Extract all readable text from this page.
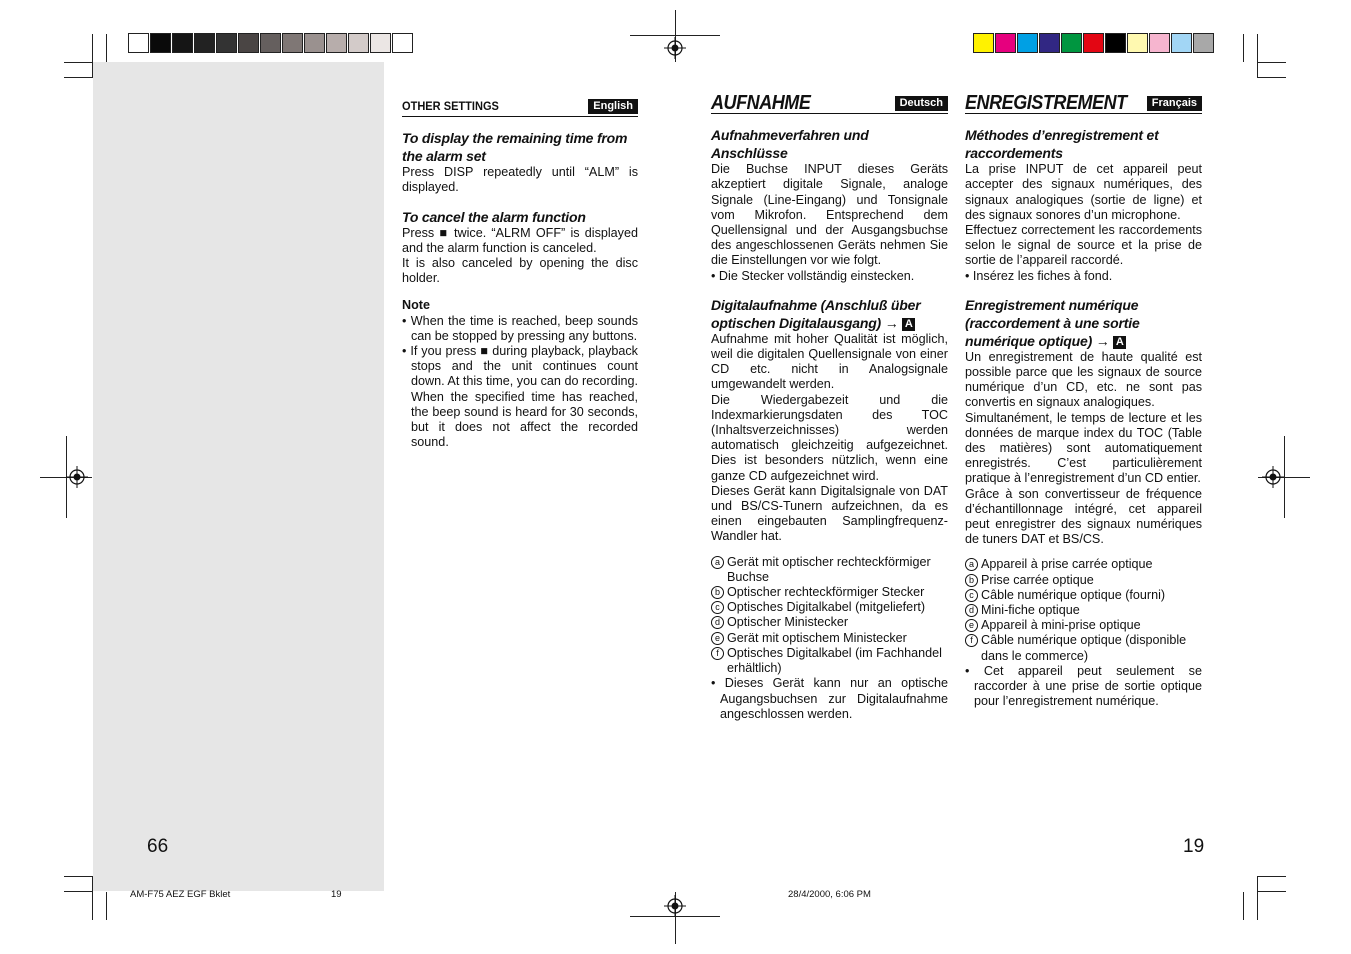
OTHER SETTINGS	English
To display the remaining time from the alarm set

Press DISP repeatedly until “ALM” is displayed.

To cancel the alarm function

Press ■ twice. “ALRM OFF” is displayed and the alarm function is canceled.

It is also canceled by opening the disc holder.

Note
• When the time is reached, beep sounds can be stopped by pressing any buttons.
• If you press ■ during playback, playback stops and the unit continues count down. At this time, you can do recording. When the specified time has reached, the beep sound is heard for 30 seconds, but it does not affect the recorded sound.
66
AUFNAHME	Deutsch
Aufnahmeverfahren und Anschlüsse

Die Buchse INPUT dieses Geräts akzeptiert digitale Signale, analoge Signale (Line-Eingang) und Tonsignale vom Mikrofon. Entsprechend dem Quellensignal und der Ausgangsbuchse des angeschlossenen Geräts nehmen Sie die Einstellungen vor wie folgt.

• Die Stecker vollständig einstecken.
Digitalaufnahme (Anschluß über optischen Digitalausgang) → A

Aufnahme mit hoher Qualität ist möglich, weil die digitalen Quellensignale von einer CD etc. nicht in Analogsignale umgewandelt werden.

Die Wiedergabezeit und die Indexmarkierungsdaten des TOC (Inhaltsverzeichnisses) werden automatisch gleichzeitig aufgezeichnet. Dies ist besonders nützlich, wenn eine ganze CD aufgezeichnet wird.

Dieses Gerät kann Digitalsignale von DAT und BS/CS-Tunern aufzeichnen, da es einen eingebauten Samplingfrequenz-Wandler hat.

a Gerät mit optischer rechteckförmiger Buchse
b Optischer rechteckförmiger Stecker
c Optisches Digitalkabel (mitgeliefert)
d Optischer Ministecker
e Gerät mit optischem Ministecker
f Optisches Digitalkabel (im Fachhandel erhältlich)
• Dieses Gerät kann nur an optische Augangsbuchsen zur Digitalaufnahme angeschlossen werden.
ENREGISTREMENT	Français
Méthodes d’enregistrement et raccordements

La prise INPUT de cet appareil peut accepter des signaux numériques, des signaux analogiques (sortie de ligne) et des signaux sonores d’un microphone.

Effectuez correctement les raccordements selon le signal de source et la prise de sortie de l’appareil raccordé.

• Insérez les fiches à fond.
Enregistrement numérique (raccordement à une sortie numérique optique) → A

Un enregistrement de haute qualité est possible parce que les signaux de source numérique d’un CD, etc. ne sont pas convertis en signaux analogiques.

Simultanément, le temps de lecture et les données de marque index du TOC (Table des matières) sont automatiquement enregistrés. C’est particulièrement pratique à l’enregistrement d’un CD entier.

Grâce à son convertisseur de fréquence d’échantillonnage intégré, cet appareil peut enregistrer des signaux numériques de tuners DAT et BS/CS.

a Appareil à prise carrée optique
b Prise carrée optique
c Câble numérique optique (fourni)
d Mini-fiche optique
e Appareil à mini-prise optique
f Câble numérique optique (disponible dans le commerce)
• Cet appareil peut seulement se raccorder à une prise de sortie optique pour l’enregistrement numérique.
19
AM-F75 AEZ EGF Bklet	19	28/4/2000, 6:06 PM
